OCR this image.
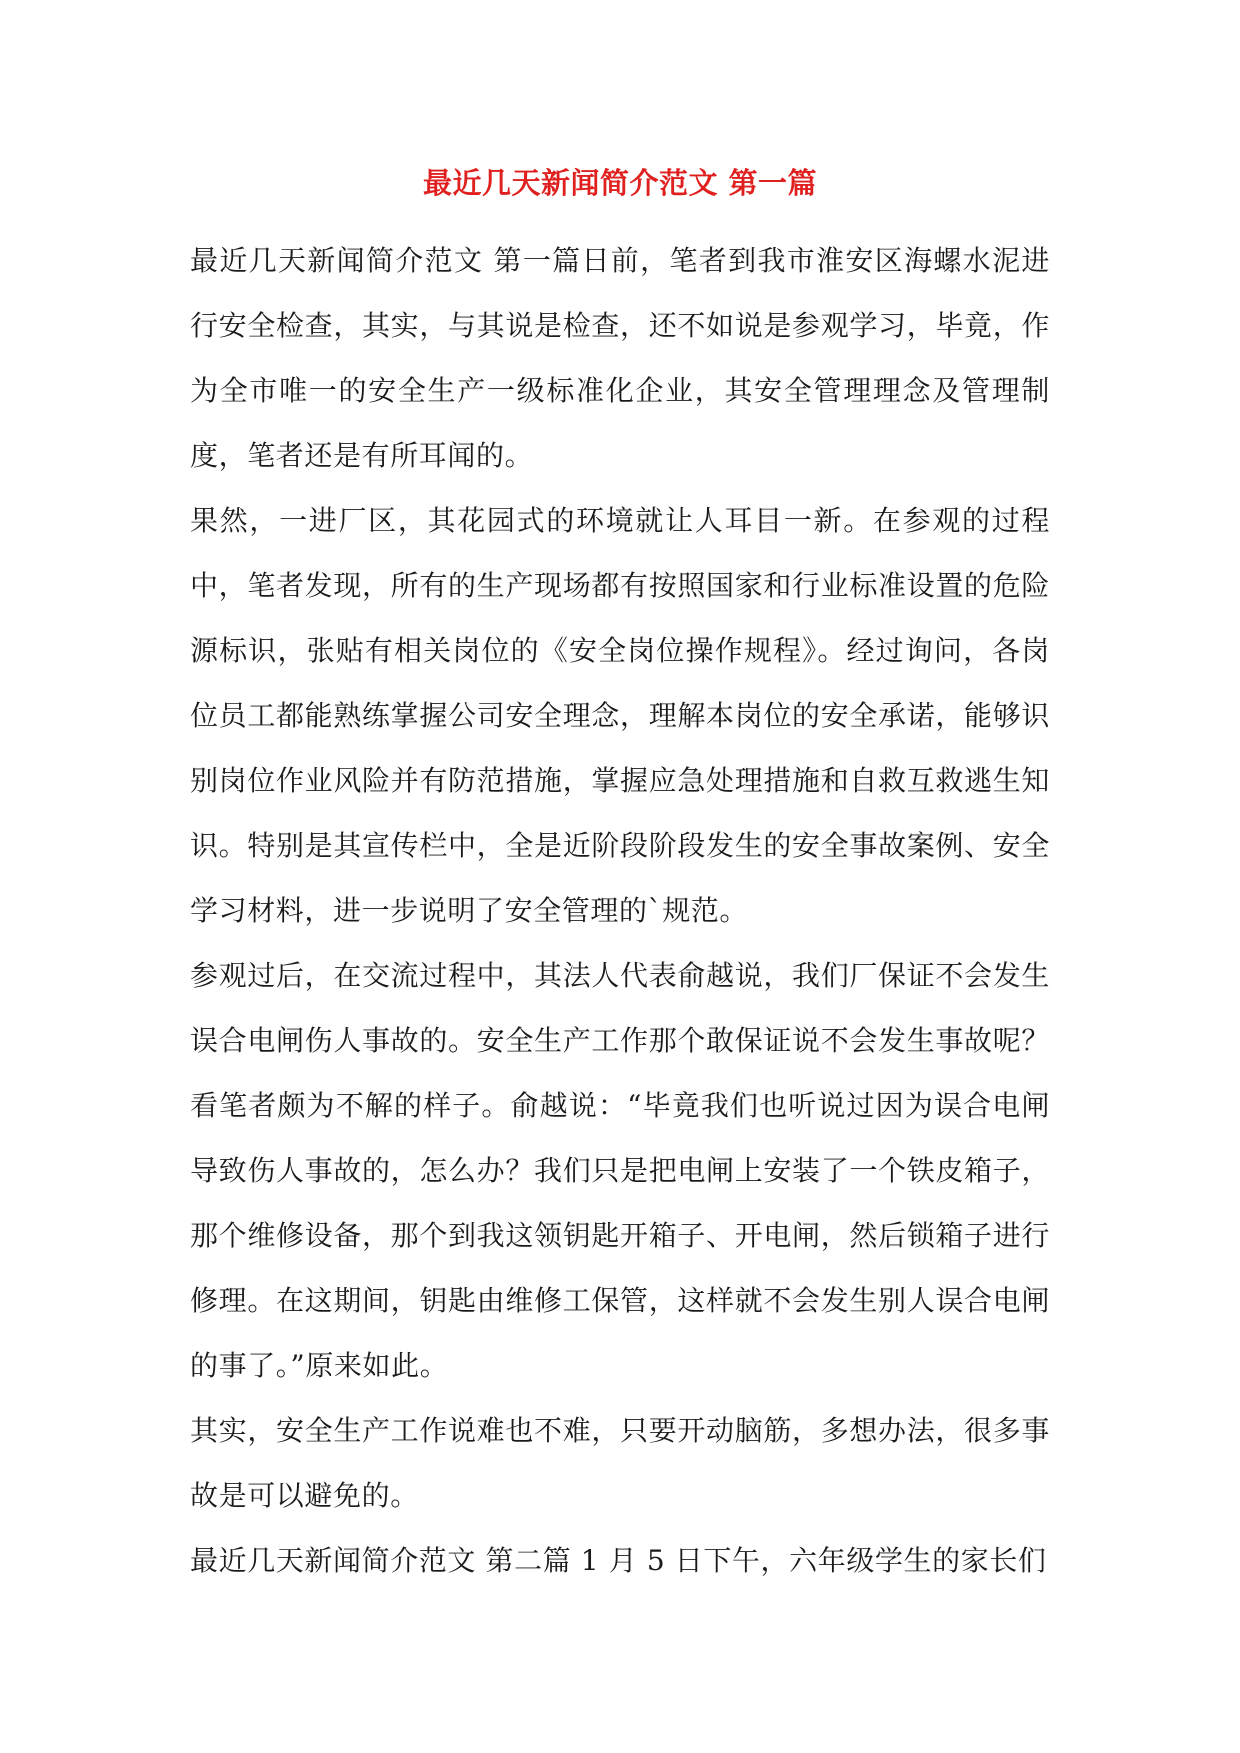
最近几天新闻简介范文 第一篇

最近几天新闻简介范文 第一篇日前，笔者到我市淮安区海螺水泥进行安全检查，其实，与其说是检查，还不如说是参观学习，毕竟，作为全市唯一的安全生产一级标准化企业，其安全管理理念及管理制度，笔者还是有所耳闻的。

果然，一进厂区，其花园式的环境就让人耳目一新。在参观的过程中，笔者发现，所有的生产现场都有按照国家和行业标准设置的危险源标识，张贴有相关岗位的《安全岗位操作规程》。经过询问，各岗位员工都能熟练掌握公司安全理念，理解本岗位的安全承诺，能够识别岗位作业风险并有防范措施，掌握应急处理措施和自救互救逃生知识。特别是其宣传栏中，全是近阶段阶段发生的安全事故案例、安全学习材料，进一步说明了安全管理的`规范。

参观过后，在交流过程中，其法人代表俞越说，我们厂保证不会发生误合电闸伤人事故的。安全生产工作那个敢保证说不会发生事故呢？看笔者颇为不解的样子。俞越说：“毕竟我们也听说过因为误合电闸导致伤人事故的，怎么办？我们只是把电闸上安装了一个铁皮箱子，那个维修设备，那个到我这领钥匙开箱子、开电闸，然后锁箱子进行修理。在这期间，钥匙由维修工保管，这样就不会发生别人误合电闸的事了。”原来如此。

其实，安全生产工作说难也不难，只要开动脑筋，多想办法，很多事故是可以避免的。

最近几天新闻简介范文 第二篇 1 月 5 日下午，六年级学生的家长们
